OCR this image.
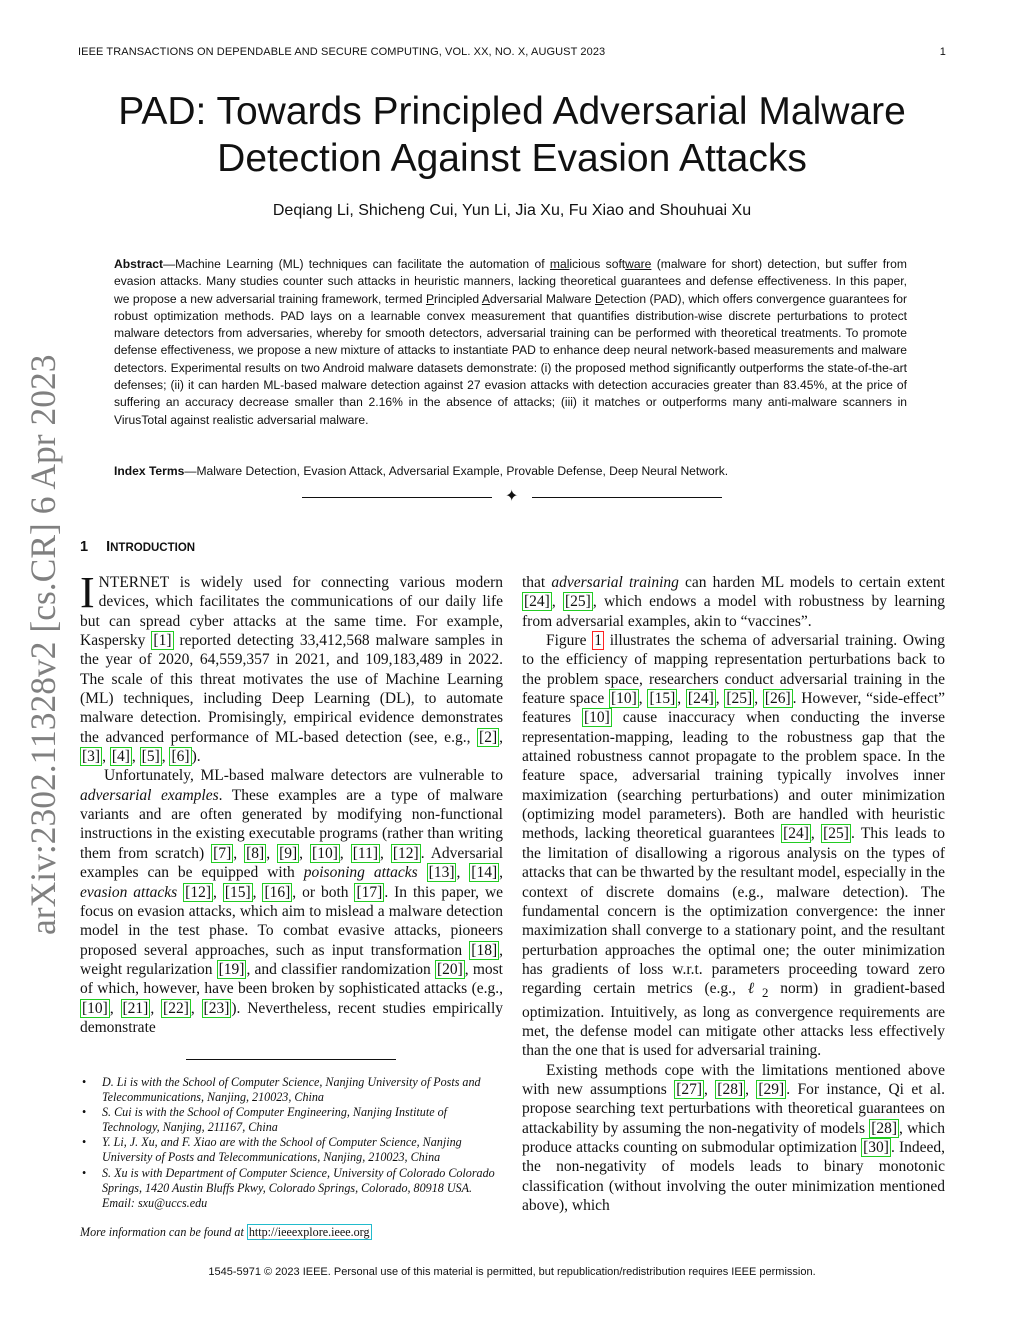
IEEE TRANSACTIONS ON DEPENDABLE AND SECURE COMPUTING, VOL. XX, NO. X, AUGUST 2023	1
arXiv:2302.11328v2 [cs.CR] 6 Apr 2023
PAD: Towards Principled Adversarial Malware
Detection Against Evasion Attacks
Deqiang Li, Shicheng Cui, Yun Li, Jia Xu, Fu Xiao and Shouhuai Xu
Abstract—Machine Learning (ML) techniques can facilitate the automation of malicious software (malware for short) detection, but suffer from evasion attacks. Many studies counter such attacks in heuristic manners, lacking theoretical guarantees and defense effectiveness. In this paper, we propose a new adversarial training framework, termed Principled Adversarial Malware Detection (PAD), which offers convergence guarantees for robust optimization methods. PAD lays on a learnable convex measurement that quantifies distribution-wise discrete perturbations to protect malware detectors from adversaries, whereby for smooth detectors, adversarial training can be performed with theoretical treatments. To promote defense effectiveness, we propose a new mixture of attacks to instantiate PAD to enhance deep neural network-based measurements and malware detectors. Experimental results on two Android malware datasets demonstrate: (i) the proposed method significantly outperforms the state-of-the-art defenses; (ii) it can harden ML-based malware detection against 27 evasion attacks with detection accuracies greater than 83.45%, at the price of suffering an accuracy decrease smaller than 2.16% in the absence of attacks; (iii) it matches or outperforms many anti-malware scanners in VirusTotal against realistic adversarial malware.
Index Terms—Malware Detection, Evasion Attack, Adversarial Example, Provable Defense, Deep Neural Network.
✦
1 INTRODUCTION

INTERNET is widely used for connecting various modern devices, which facilitates the communications of our daily life but can spread cyber attacks at the same time. For example, Kaspersky [1] reported detecting 33,412,568 malware samples in the year of 2020, 64,559,357 in 2021, and 109,183,489 in 2022. The scale of this threat motivates the use of Machine Learning (ML) techniques, including Deep Learning (DL), to automate malware detection. Promisingly, empirical evidence demonstrates the advanced performance of ML-based detection (see, e.g., [2] , [3] , [4] , [5] , [6] ).

Unfortunately, ML-based malware detectors are vulnerable to adversarial examples. These examples are a type of malware variants and are often generated by modifying non-functional instructions in the existing executable programs (rather than writing them from scratch) [7] , [8] , [9] , [10] , [11] , [12] . Adversarial examples can be equipped with poisoning attacks [13] , [14] , evasion attacks [12] , [15] , [16] , or both [17] . In this paper, we focus on evasion attacks, which aim to mislead a malware detection model in the test phase. To combat evasive attacks, pioneers proposed several approaches, such as input transformation [18] , weight regularization [19] , and classifier randomization [20] , most of which, however, have been broken by sophisticated attacks (e.g., [10] , [21] , [22] , [23] ). Nevertheless, recent studies empirically demonstrate

that adversarial training can harden ML models to certain extent [24] , [25] , which endows a model with robustness by learning from adversarial examples, akin to “vaccines”.

Figure 1 illustrates the schema of adversarial training. Owing to the efficiency of mapping representation perturbations back to the problem space, researchers conduct adversarial training in the feature space [10] , [15] , [24] , [25] , [26] . However, “side-effect” features [10] cause inaccuracy when conducting the inverse representation-mapping, leading to the robustness gap that the attained robustness cannot propagate to the problem space. In the feature space, adversarial training typically involves inner maximization (searching perturbations) and outer minimization (optimizing model parameters). Both are handled with heuristic methods, lacking theoretical guarantees [24] , [25] . This leads to the limitation of disallowing a rigorous analysis on the types of attacks that can be thwarted by the resultant model, especially in the context of discrete domains (e.g., malware detection). The fundamental concern is the optimization convergence: the inner maximization shall converge to a stationary point, and the resultant perturbation approaches the optimal one; the outer minimization has gradients of loss w.r.t. parameters proceeding toward zero regarding certain metrics (e.g., ℓ$_2$ norm) in gradient-based optimization. Intuitively, as long as convergence requirements are met, the defense model can mitigate other attacks less effectively than the one that is used for adversarial training.

Existing methods cope with the limitations mentioned above with new assumptions [27] , [28] , [29] . For instance, Qi et al. propose searching text perturbations with theoretical guarantees on attackability by assuming the non-negativity of models [28] , which produce attacks counting on submodular optimization [30] . Indeed, the non-negativity of models leads to binary monotonic classification (without involving the outer minimization mentioned above), which

• D. Li is with the School of Computer Science, Nanjing University of Posts and Telecommunications, Nanjing, 210023, China
• S. Cui is with the School of Computer Engineering, Nanjing Institute of Technology, Nanjing, 211167, China
• Y. Li, J. Xu, and F. Xiao are with the School of Computer Science, Nanjing University of Posts and Telecommunications, Nanjing, 210023, China
• S. Xu is with Department of Computer Science, University of Colorado Colorado Springs, 1420 Austin Bluffs Pkwy, Colorado Springs, Colorado, 80918 USA.
Email: sxu@uccs.edu
More information can be found at http://ieeexplore.ieee.org
1545-5971 © 2023 IEEE. Personal use of this material is permitted, but republication/redistribution requires IEEE permission.
